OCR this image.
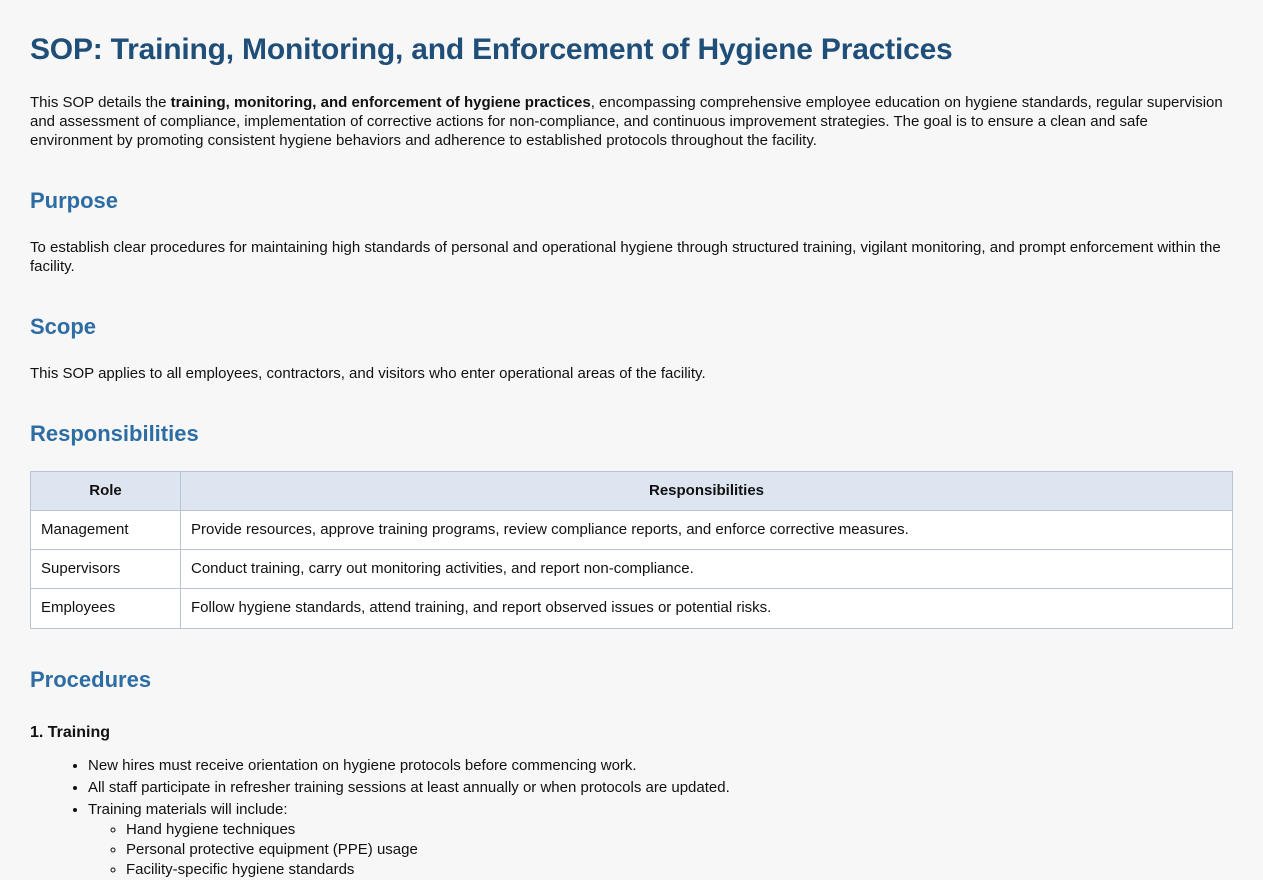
SOP: Training, Monitoring, and Enforcement of Hygiene Practices

This SOP details the training, monitoring, and enforcement of hygiene practices, encompassing comprehensive employee education on hygiene standards, regular supervision and assessment of compliance, implementation of corrective actions for non-compliance, and continuous improvement strategies. The goal is to ensure a clean and safe environment by promoting consistent hygiene behaviors and adherence to established protocols throughout the facility.

Purpose

To establish clear procedures for maintaining high standards of personal and operational hygiene through structured training, vigilant monitoring, and prompt enforcement within the facility.

Scope

This SOP applies to all employees, contractors, and visitors who enter operational areas of the facility.

Responsibilities
Role	Responsibilities
Management	Provide resources, approve training programs, review compliance reports, and enforce corrective measures.
Supervisors	Conduct training, carry out monitoring activities, and report non-compliance.
Employees	Follow hygiene standards, attend training, and report observed issues or potential risks.
Procedures
1. Training
• New hires must receive orientation on hygiene protocols before commencing work.
• All staff participate in refresher training sessions at least annually or when protocols are updated.
• Training materials will include:
◦ Hand hygiene techniques
◦ Personal protective equipment (PPE) usage
◦ Facility-specific hygiene standards
